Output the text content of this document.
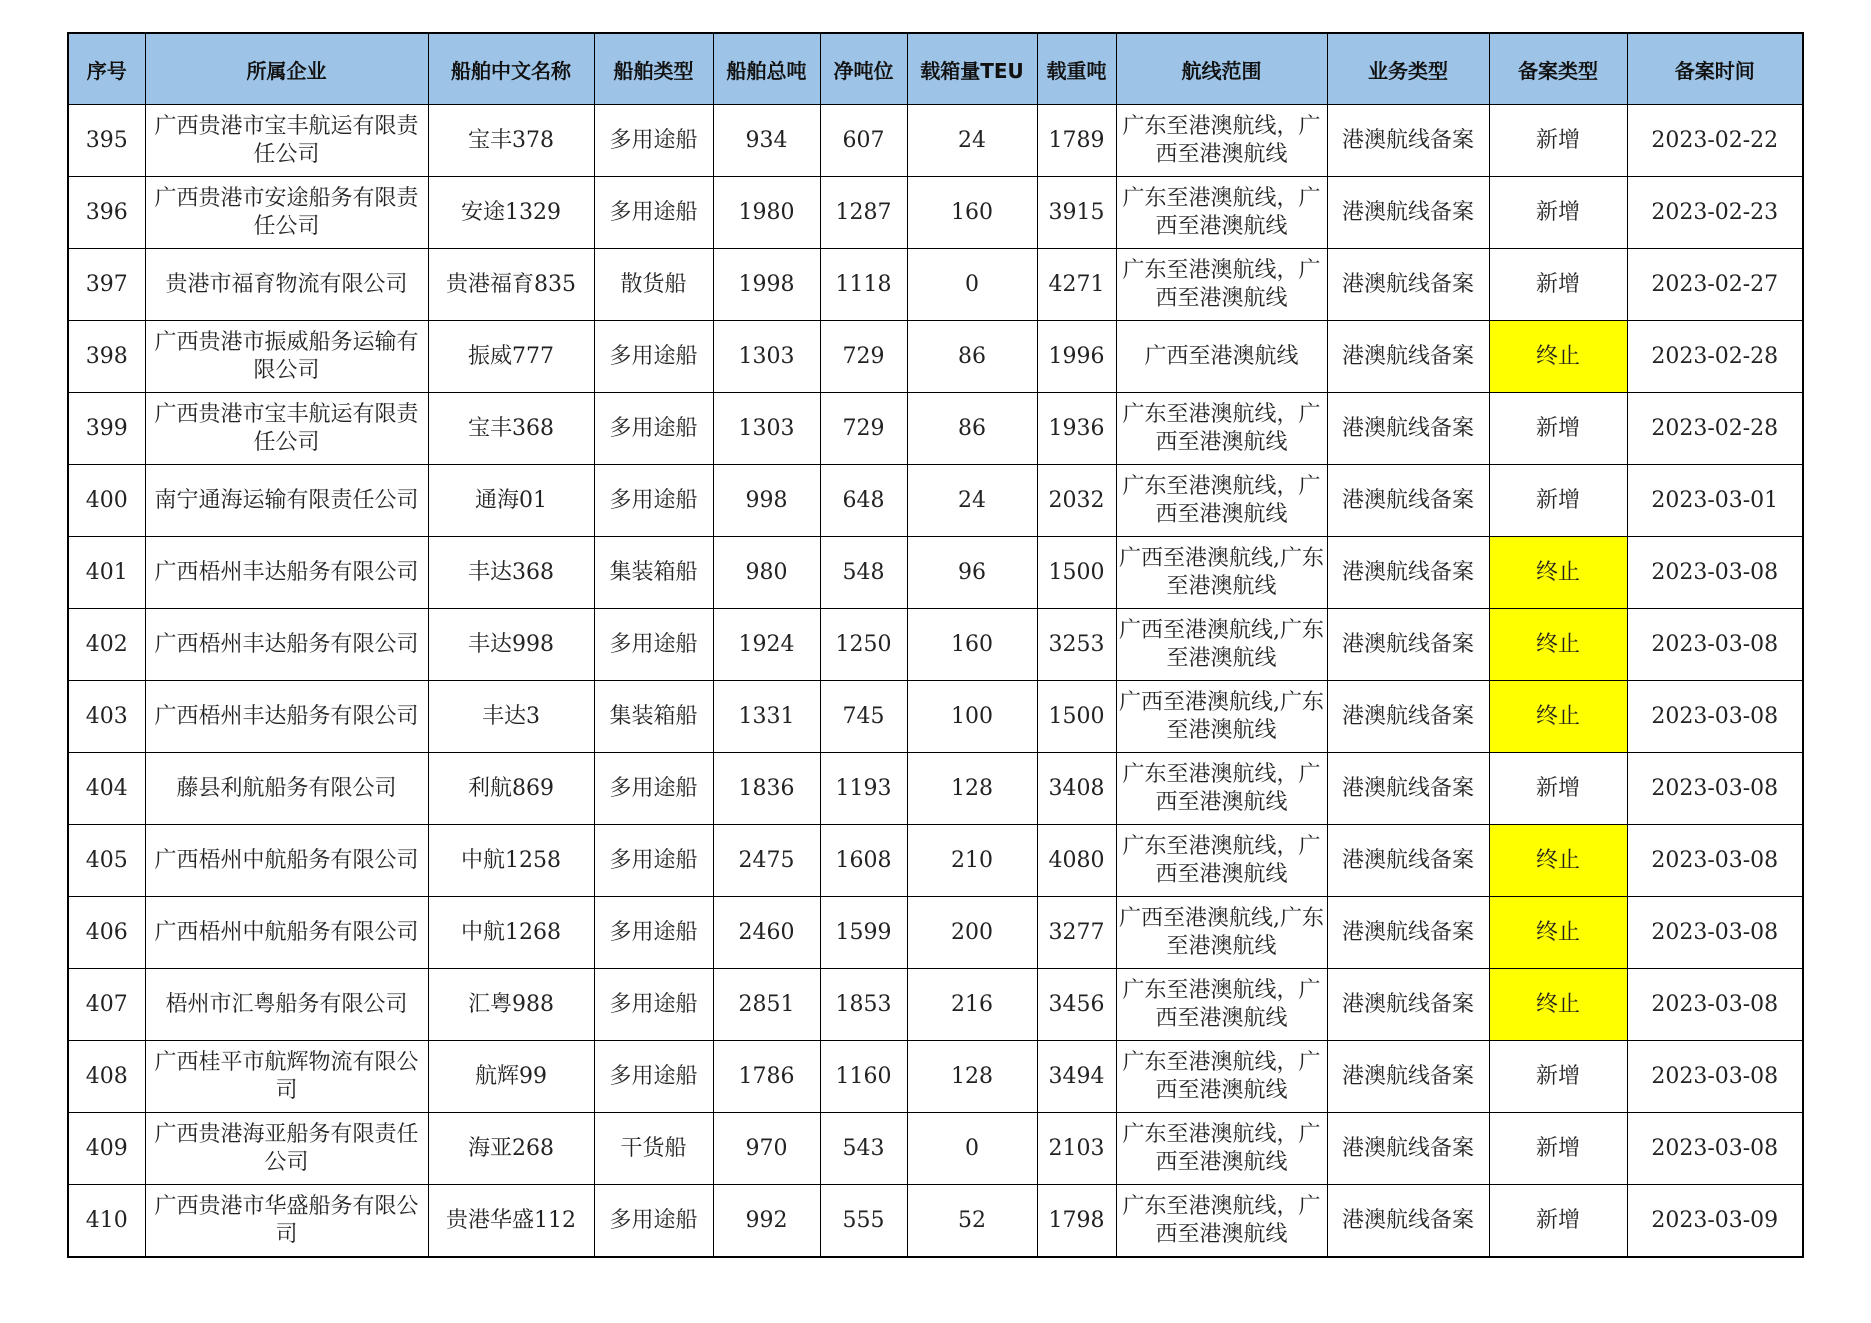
序号	所属企业	船舶中文名称	船舶类型	船舶总吨	净吨位	载箱量TEU	载重吨	航线范围	业务类型	备案类型	备案时间
395	广西贵港市宝丰航运有限责任公司	宝丰378	多用途船	934	607	24	1789	广东至港澳航线，广西至港澳航线	港澳航线备案	新增	2023-02-22
396	广西贵港市安途船务有限责任公司	安途1329	多用途船	1980	1287	160	3915	广东至港澳航线，广西至港澳航线	港澳航线备案	新增	2023-02-23
397	贵港市福育物流有限公司	贵港福育835	散货船	1998	1118	0	4271	广东至港澳航线，广西至港澳航线	港澳航线备案	新增	2023-02-27
398	广西贵港市振威船务运输有限公司	振威777	多用途船	1303	729	86	1996	广西至港澳航线	港澳航线备案	终止	2023-02-28
399	广西贵港市宝丰航运有限责任公司	宝丰368	多用途船	1303	729	86	1936	广东至港澳航线，广西至港澳航线	港澳航线备案	新增	2023-02-28
400	南宁通海运输有限责任公司	通海01	多用途船	998	648	24	2032	广东至港澳航线，广西至港澳航线	港澳航线备案	新增	2023-03-01
401	广西梧州丰达船务有限公司	丰达368	集装箱船	980	548	96	1500	广西至港澳航线,广东至港澳航线	港澳航线备案	终止	2023-03-08
402	广西梧州丰达船务有限公司	丰达998	多用途船	1924	1250	160	3253	广西至港澳航线,广东至港澳航线	港澳航线备案	终止	2023-03-08
403	广西梧州丰达船务有限公司	丰达3	集装箱船	1331	745	100	1500	广西至港澳航线,广东至港澳航线	港澳航线备案	终止	2023-03-08
404	藤县利航船务有限公司	利航869	多用途船	1836	1193	128	3408	广东至港澳航线，广西至港澳航线	港澳航线备案	新增	2023-03-08
405	广西梧州中航船务有限公司	中航1258	多用途船	2475	1608	210	4080	广东至港澳航线，广西至港澳航线	港澳航线备案	终止	2023-03-08
406	广西梧州中航船务有限公司	中航1268	多用途船	2460	1599	200	3277	广西至港澳航线,广东至港澳航线	港澳航线备案	终止	2023-03-08
407	梧州市汇粤船务有限公司	汇粤988	多用途船	2851	1853	216	3456	广东至港澳航线，广西至港澳航线	港澳航线备案	终止	2023-03-08
408	广西桂平市航辉物流有限公司	航辉99	多用途船	1786	1160	128	3494	广东至港澳航线，广西至港澳航线	港澳航线备案	新增	2023-03-08
409	广西贵港海亚船务有限责任公司	海亚268	干货船	970	543	0	2103	广东至港澳航线，广西至港澳航线	港澳航线备案	新增	2023-03-08
410	广西贵港市华盛船务有限公司	贵港华盛112	多用途船	992	555	52	1798	广东至港澳航线，广西至港澳航线	港澳航线备案	新增	2023-03-09
